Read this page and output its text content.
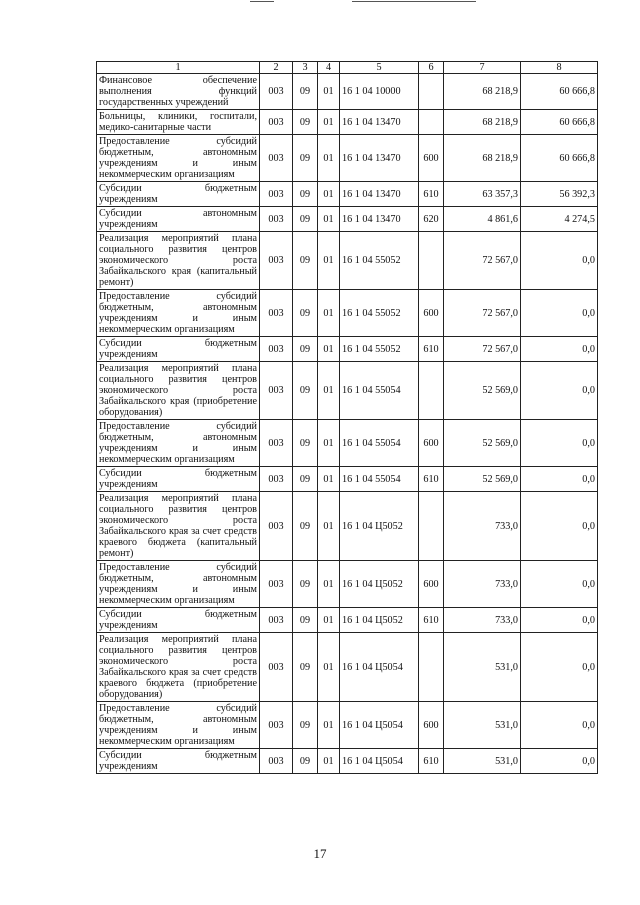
1	2	3	4	5	6	7	8
Финансовое обеспечение выполнения функций государственных учреждений	003	09	01	16 1 04 10000		68 218,9	60 666,8
Больницы, клиники, госпитали, медико-санитарные части	003	09	01	16 1 04 13470		68 218,9	60 666,8
Предоставление субсидий бюджетным, автономным учреждениям и иным некоммерческим организациям	003	09	01	16 1 04 13470	600	68 218,9	60 666,8
Субсидии бюджетным учреждениям	003	09	01	16 1 04 13470	610	63 357,3	56 392,3
Субсидии автономным учреждениям	003	09	01	16 1 04 13470	620	4 861,6	4 274,5
Реализация мероприятий плана социального развития центров экономического роста Забайкальского края (капитальный ремонт)	003	09	01	16 1 04 55052		72 567,0	0,0
Предоставление субсидий бюджетным, автономным учреждениям и иным некоммерческим организациям	003	09	01	16 1 04 55052	600	72 567,0	0,0
Субсидии бюджетным учреждениям	003	09	01	16 1 04 55052	610	72 567,0	0,0
Реализация мероприятий плана социального развития центров экономического роста Забайкальского края (приобретение оборудования)	003	09	01	16 1 04 55054		52 569,0	0,0
Предоставление субсидий бюджетным, автономным учреждениям и иным некоммерческим организациям	003	09	01	16 1 04 55054	600	52 569,0	0,0
Субсидии бюджетным учреждениям	003	09	01	16 1 04 55054	610	52 569,0	0,0
Реализация мероприятий плана социального развития центров экономического роста Забайкальского края за счет средств краевого бюджета (капитальный ремонт)	003	09	01	16 1 04 Ц5052		733,0	0,0
Предоставление субсидий бюджетным, автономным учреждениям и иным некоммерческим организациям	003	09	01	16 1 04 Ц5052	600	733,0	0,0
Субсидии бюджетным учреждениям	003	09	01	16 1 04 Ц5052	610	733,0	0,0
Реализация мероприятий плана социального развития центров экономического роста Забайкальского края за счет средств краевого бюджета (приобретение оборудования)	003	09	01	16 1 04 Ц5054		531,0	0,0
Предоставление субсидий бюджетным, автономным учреждениям и иным некоммерческим организациям	003	09	01	16 1 04 Ц5054	600	531,0	0,0
Субсидии бюджетным учреждениям	003	09	01	16 1 04 Ц5054	610	531,0	0,0
17
